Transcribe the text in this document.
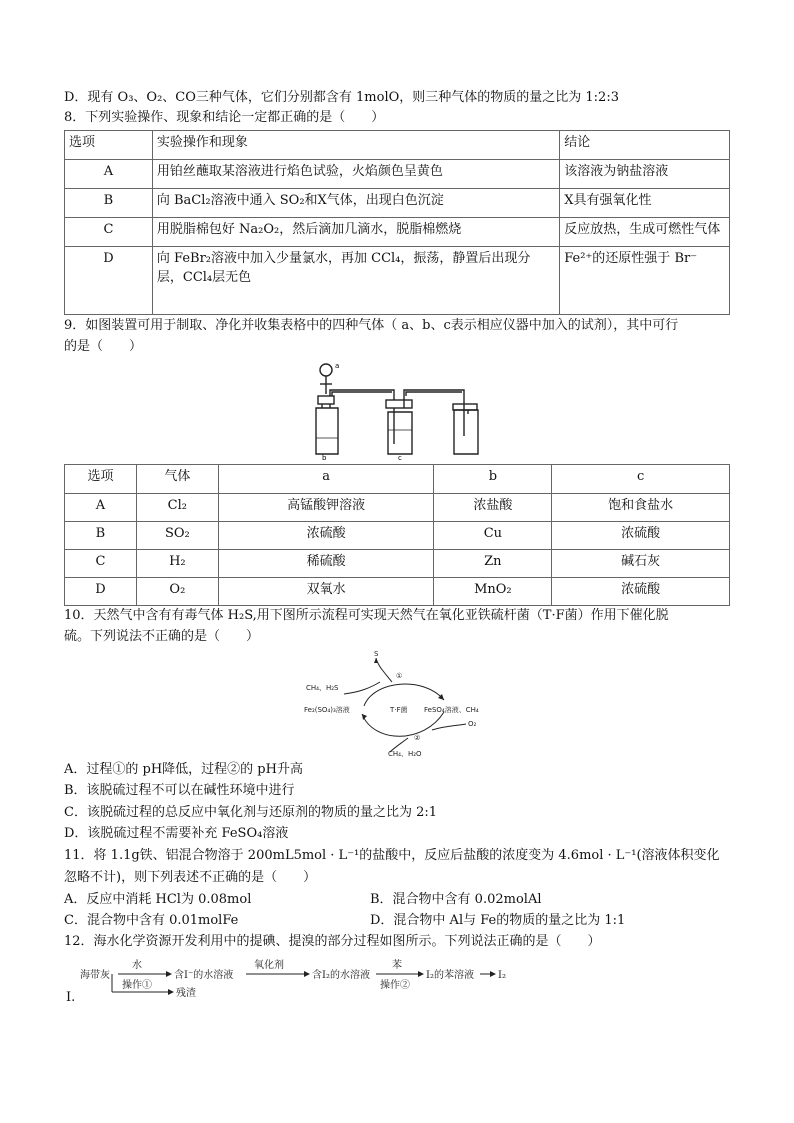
D．现有 O₃、O₂、CO三种气体，它们分别都含有 1molO，则三种气体的物质的量之比为 1:2:3
8．下列实验操作、现象和结论一定都正确的是（　　）
选项	实验操作和现象	结论
A	用铂丝蘸取某溶液进行焰色试验，火焰颜色呈黄色	该溶液为钠盐溶液
B	向 BaCl₂溶液中通入 SO₂和X气体，出现白色沉淀	X具有强氧化性
C	用脱脂棉包好 Na₂O₂，然后滴加几滴水，脱脂棉燃烧	反应放热，生成可燃性气体
D	向 FeBr₂溶液中加入少量氯水，再加 CCl₄，振荡，静置后出现分
层，CCl₄层无色	Fe²⁺的还原性强于 Br⁻
9．如图装置可用于制取、净化并收集表格中的四种气体（ a、b、c表示相应仪器中加入的试剂），其中可行
的是（　　）
a
b	c
选项	气体	a	b	c
A	Cl₂	高锰酸钾溶液	浓盐酸	饱和食盐水
B	SO₂	浓硫酸	Cu	浓硫酸
C	H₂	稀硫酸	Zn	碱石灰
D	O₂	双氧水	MnO₂	浓硫酸
10．天然气中含有有毒气体 H₂S,用下图所示流程可实现天然气在氧化亚铁硫杆菌（T·F菌）作用下催化脱
硫。下列说法不正确的是（　　）
S
CH₄、H₂S
①
Fe₂(SO₄)₃溶液	T·F菌 FeSO₄溶液、CH₄
②
O₂
CH₄、H₂O
A．过程①的 pH降低，过程②的 pH升高
B．该脱硫过程不可以在碱性环境中进行
C．该脱硫过程的总反应中氧化剂与还原剂的物质的量之比为 2:1
D．该脱硫过程不需要补充 FeSO₄溶液
11．将 1.1g铁、铝混合物溶于 200mL5mol · L⁻¹的盐酸中，反应后盐酸的浓度变为 4.6mol · L⁻¹(溶液体积变化
忽略不计)，则下列表述不正确的是（　　）
A．反应中消耗 HCl为 0.08mol	B．混合物中含有 0.02molAl
C．混合物中含有 0.01molFe	D．混合物中 Al与 Fe的物质的量之比为 1:1
12．海水化学资源开发利用中的提碘、提溴的部分过程如图所示。下列说法正确的是（　　）
Ⅰ.
海带灰
水
操作①
含I⁻的水溶液
残渣
氧化剂
含I₂的水溶液
苯
操作②
I₂的苯溶液 I₂
